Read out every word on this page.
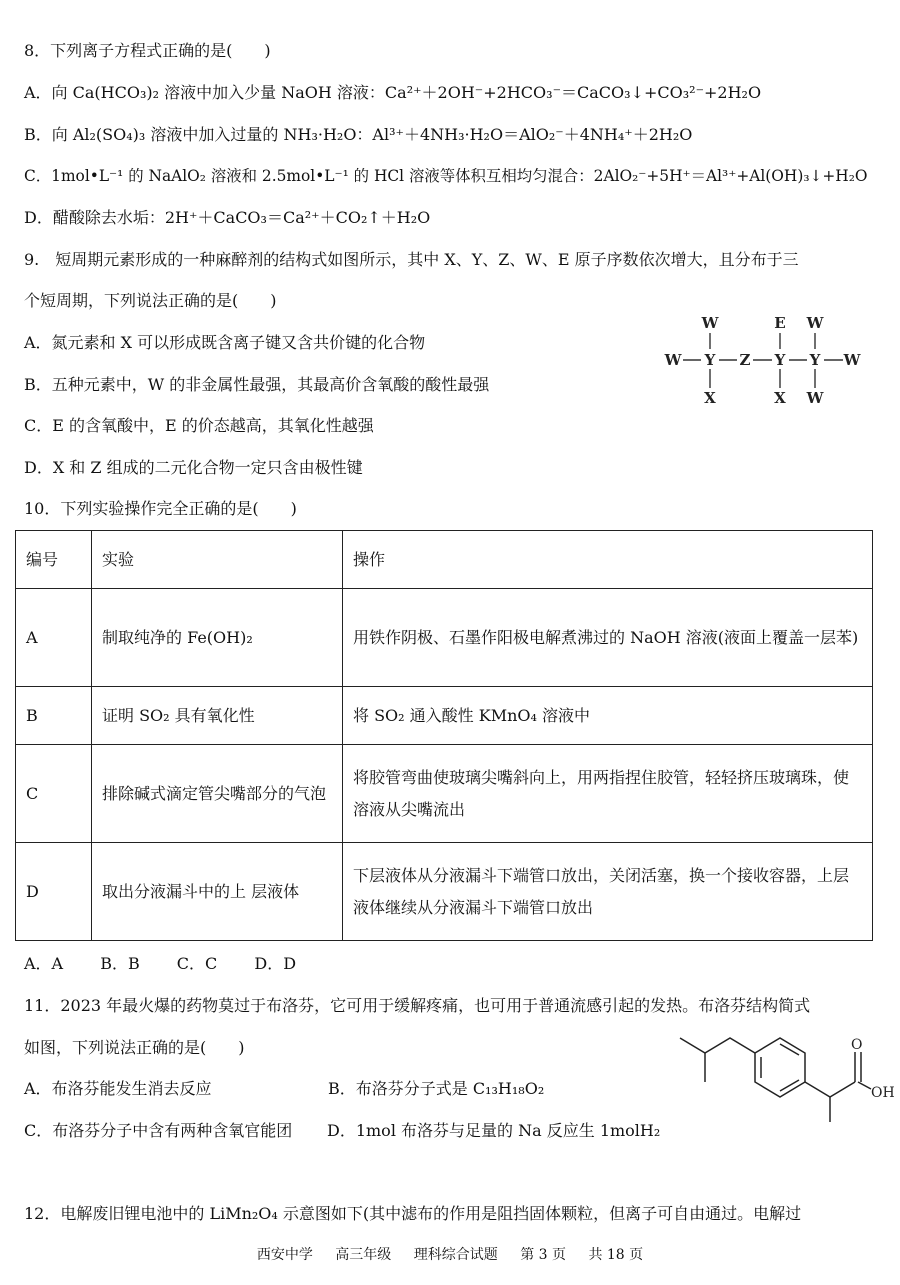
8．下列离子方程式正确的是(　　)
A．向 Ca(HCO₃)₂ 溶液中加入少量 NaOH 溶液：Ca²⁺＋2OH⁻+2HCO₃⁻＝CaCO₃↓+CO₃²⁻+2H₂O
B．向 Al₂(SO₄)₃ 溶液中加入过量的 NH₃·H₂O：Al³⁺＋4NH₃·H₂O＝AlO₂⁻＋4NH₄⁺＋2H₂O
C．1mol•L⁻¹ 的 NaAlO₂ 溶液和 2.5mol•L⁻¹ 的 HCl 溶液等体积互相均匀混合：2AlO₂⁻+5H⁺＝Al³⁺+Al(OH)₃↓+H₂O
D．醋酸除去水垢：2H⁺＋CaCO₃＝Ca²⁺＋CO₂↑＋H₂O
9.　短周期元素形成的一种麻醉剂的结构式如图所示，其中 X、Y、Z、W、E 原子序数依次增大，且分布于三
个短周期，下列说法正确的是(　　)
A．氮元素和 X 可以形成既含离子键又含共价键的化合物
B．五种元素中，W 的非金属性最强，其最高价含氧酸的酸性最强
C．E 的含氧酸中，E 的价态越高，其氧化性越强
D．X 和 Z 组成的二元化合物一定只含由极性键
W	E W
W Y Z Y Y W
X	X W
10．下列实验操作完全正确的是(　　)
编号	实验	操作
A	制取纯净的 Fe(OH)₂	用铁作阴极、石墨作阳极电解煮沸过的 NaOH 溶液(液面上覆盖一层苯)
B	证明 SO₂ 具有氧化性	将 SO₂ 通入酸性 KMnO₄ 溶液中
C	排除碱式滴定管尖嘴部分的气泡	将胶管弯曲使玻璃尖嘴斜向上，用两指捏住胶管，轻轻挤压玻璃珠，使溶液从尖嘴流出
D	取出分液漏斗中的上 层液体	下层液体从分液漏斗下端管口放出，关闭活塞，换一个接收容器，上层液体继续从分液漏斗下端管口放出
A．A　　 B．B　　 C．C　　 D．D
11．2023 年最火爆的药物莫过于布洛芬，它可用于缓解疼痛，也可用于普通流感引起的发热。布洛芬结构简式
如图，下列说法正确的是(　　)
A．布洛芬能发生消去反应	B．布洛芬分子式是 C₁₃H₁₈O₂
C．布洛芬分子中含有两种含氧官能团 D．1mol 布洛芬与足量的 Na 反应生 1molH₂
O
OH
12．电解废旧锂电池中的 LiMn₂O₄ 示意图如下(其中滤布的作用是阻挡固体颗粒，但离子可自由通过。电解过
西安中学 高三年级 理科综合试题 第 3 页 共 18 页
